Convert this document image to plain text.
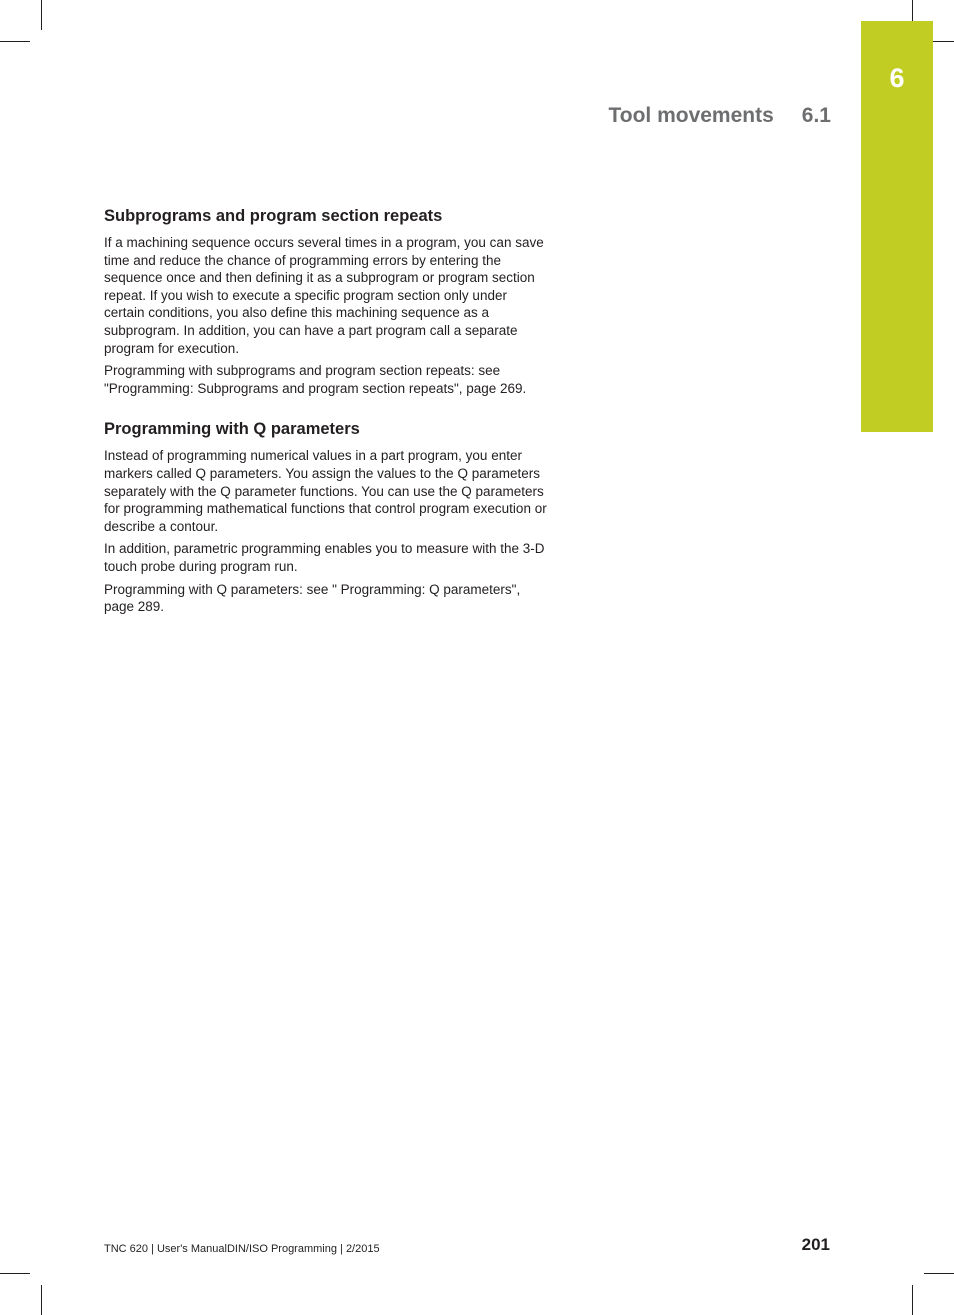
6
Tool movements 6.1
Subprograms and program section repeats

If a machining sequence occurs several times in a program, you can save time and reduce the chance of programming errors by entering the sequence once and then defining it as a subprogram or program section repeat. If you wish to execute a specific program section only under certain conditions, you also define this machining sequence as a subprogram. In addition, you can have a part program call a separate program for execution.

Programming with subprograms and program section repeats: see "Programming: Subprograms and program section repeats", page 269.

Programming with Q parameters

Instead of programming numerical values in a part program, you enter markers called Q parameters. You assign the values to the Q parameters separately with the Q parameter functions. You can use the Q parameters for programming mathematical functions that control program execution or describe a contour.

In addition, parametric programming enables you to measure with the 3-D touch probe during program run.

Programming with Q parameters: see " Programming: Q parameters", page 289.

TNC 620 | User's ManualDIN/ISO Programming | 2/2015	201
